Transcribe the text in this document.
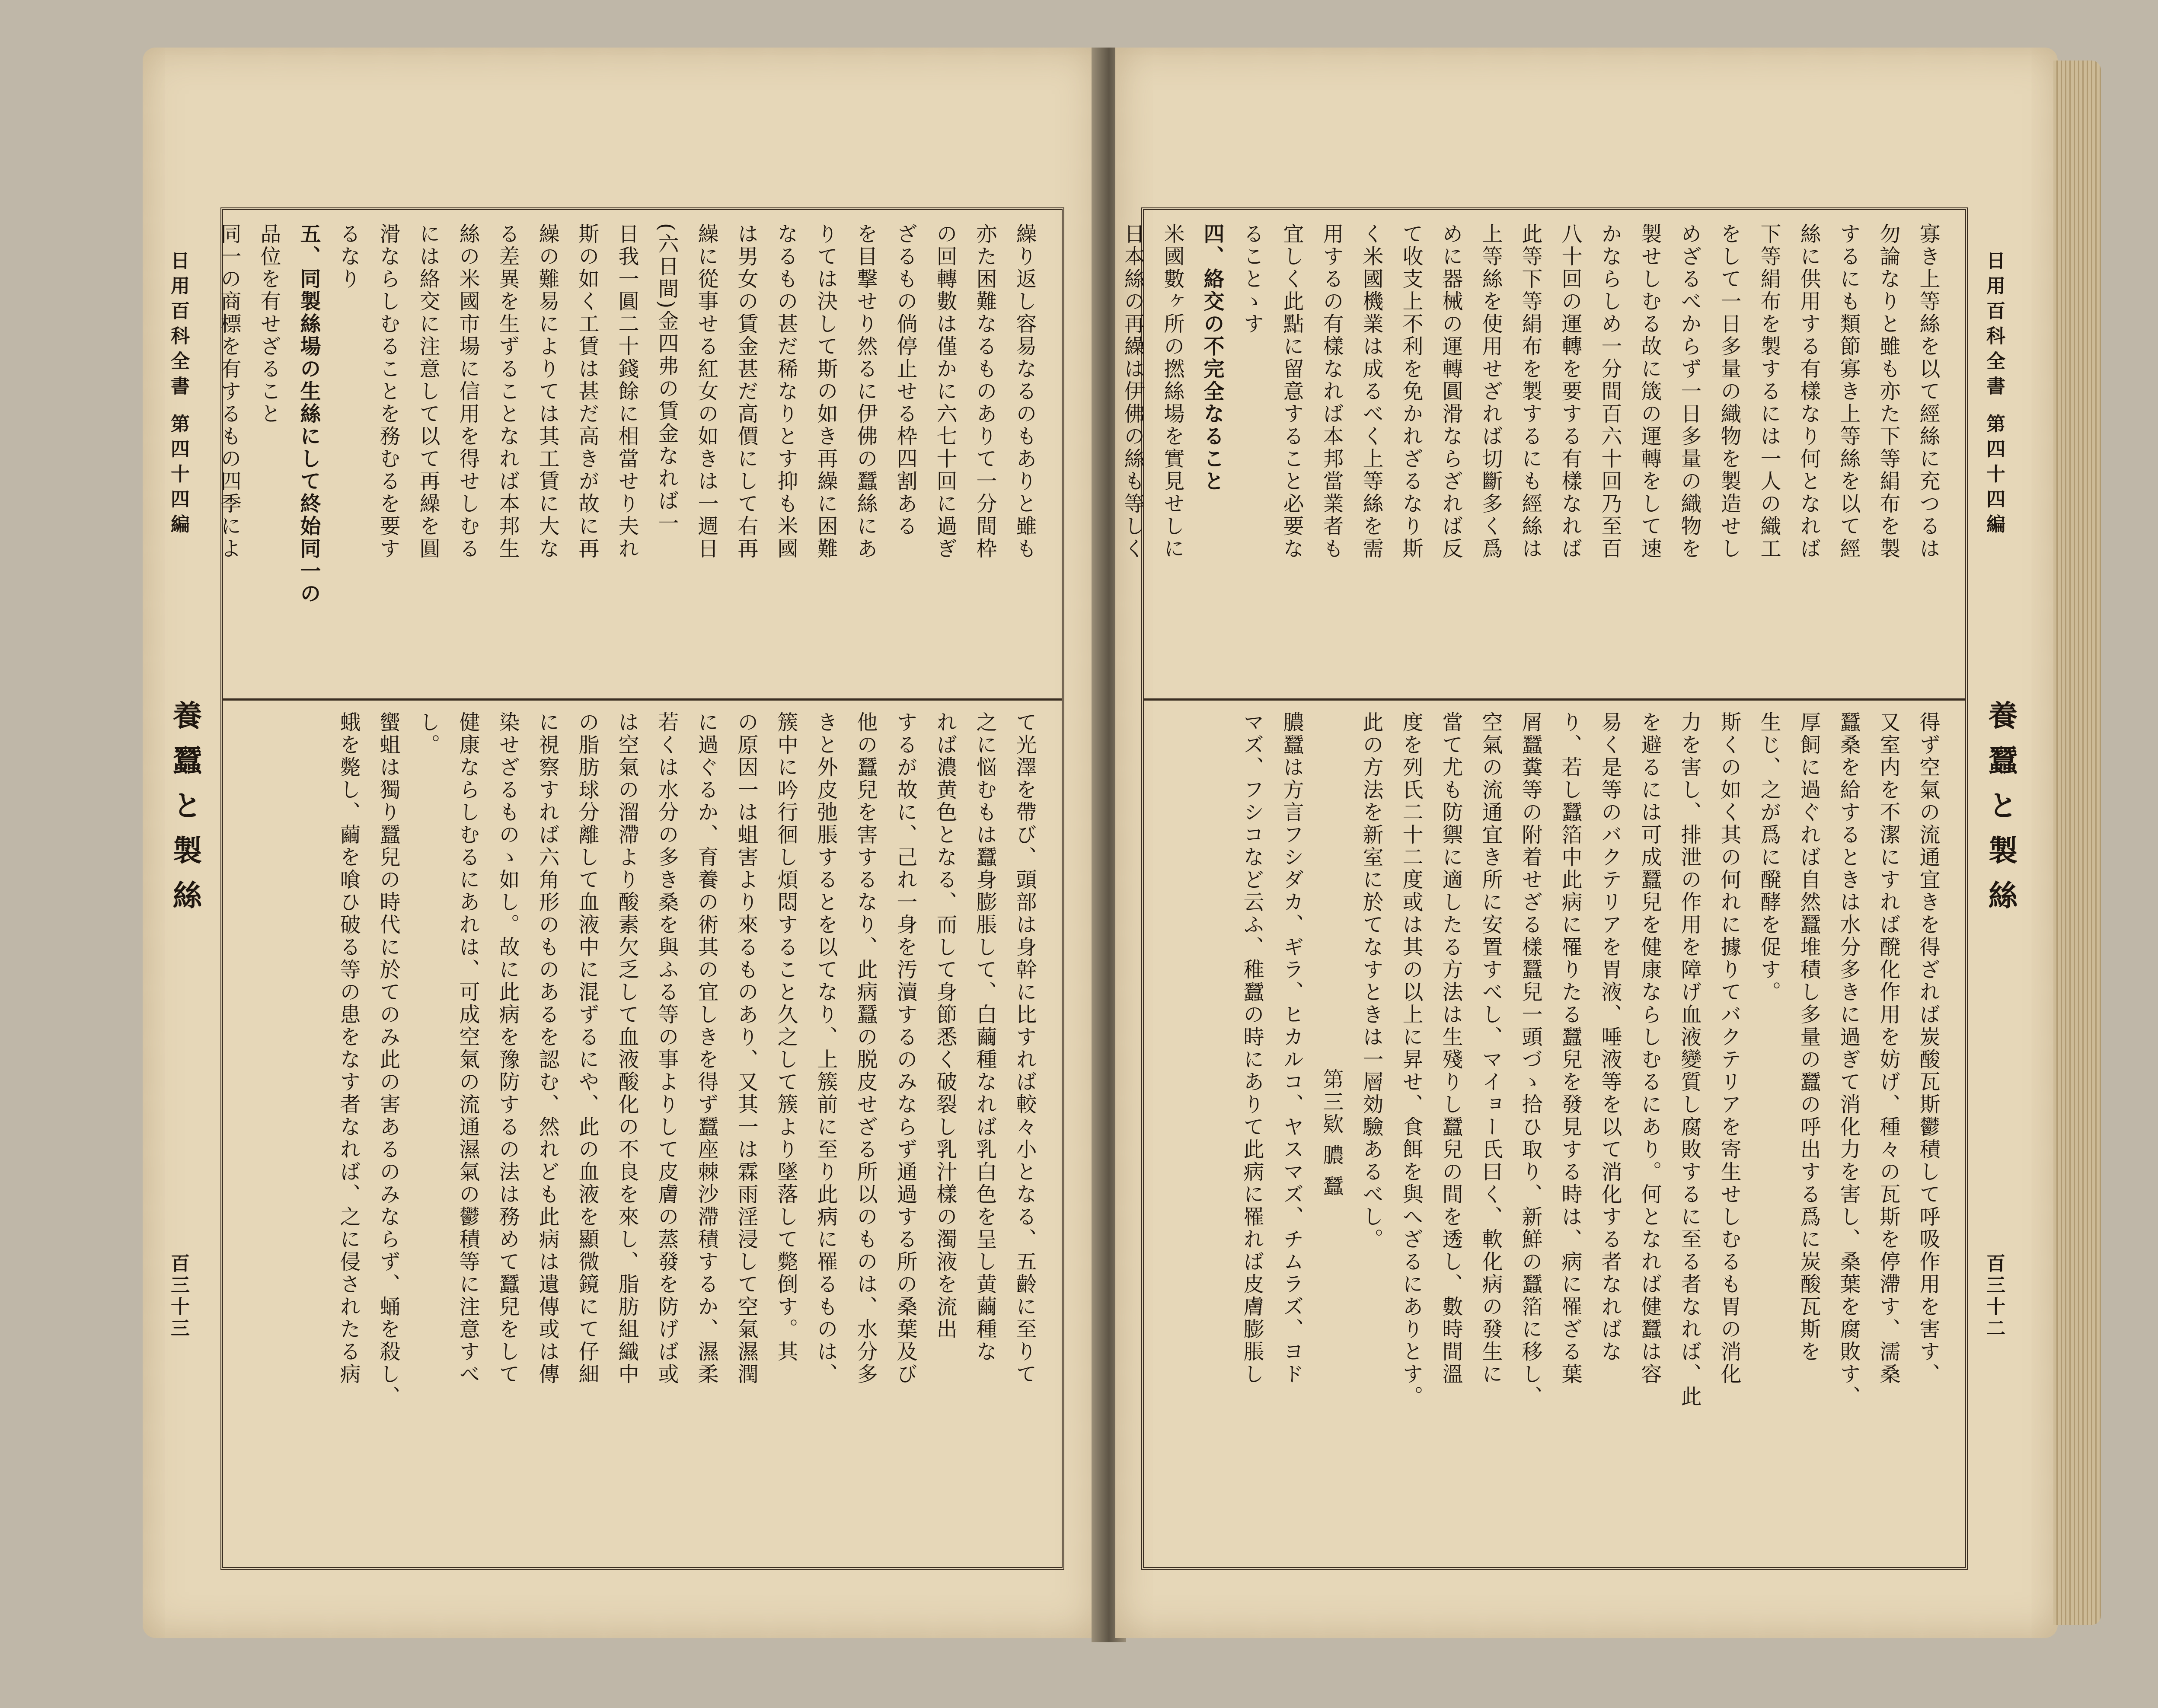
日用百科全書 第四十四編
養蠶と製絲
百三十三

繰り返し容易なるのもありと雖も

亦た困難なるものありて一分間枠

の回轉數は僅かに六七十回に過ぎ

ざるもの倘停止せる枠四割ある

を目撃せり然るに伊佛の蠶絲にあ

りては決して斯の如き再繰に困難

なるもの甚だ稀なりとす抑も米國

は男女の賃金甚だ高價にして右再

繰に從事せる紅女の如きは一週日

(六日間)金四弗の賃金なれば一

日我一圓二十錢餘に相當せり夫れ

斯の如く工賃は甚だ高きが故に再

繰の難易によりては其工賃に大な

る差異を生ずることなれば本邦生

絲の米國市場に信用を得せしむる

には絡交に注意して以て再繰を圓

滑ならしむることを務むるを要す

るなり

五、同製絲場の生絲にして終始同一の

品位を有せざること

同一の商標を有するもの四季によ

て光澤を帶び、頭部は身幹に比すれば較々小となる、五齡に至りて

之に悩むもは蠶身膨脹して、白繭種なれば乳白色を呈し黄繭種な

れば濃黄色となる、而して身節悉く破裂し乳汁樣の濁液を流出

するが故に、己れ一身を汚瀆するのみならず通過する所の桑葉及び

他の蠶兒を害するなり、此病蠶の脱皮せざる所以のものは、水分多

きと外皮弛脹するとを以てなり、上簇前に至り此病に罹るものは、

簇中に吟行徊し煩悶すること久之して簇より墜落して斃倒す。其

の原因一は蛆害より來るものあり、又其一は霖雨淫浸して空氣濕潤

に過ぐるか、育養の術其の宜しきを得ず蠶座棘沙滯積するか、濕柔

若くは水分の多き桑を與ふる等の事よりして皮膚の蒸發を防げば或

は空氣の溜滯より酸素欠乏して血液酸化の不良を來し、脂肪組織中

の脂肪球分離して血液中に混ずるにや、此の血液を顯微鏡にて仔細

に視察すれば六角形のものあるを認む、然れども此病は遺傳或は傳

染せざるものゝ如し。故に此病を豫防するの法は務めて蠶兒をして

健康ならしむるにあれは、可成空氣の流通濕氣の鬱積等に注意すべ

し。

蠁蛆は獨り蠶兒の時代に於てのみ此の害あるのみならず、蛹を殺し、

蛾を斃し、繭を喰ひ破る等の患をなす者なれば、之に侵されたる病

寡き上等絲を以て經絲に充つるは

勿論なりと雖も亦た下等絹布を製

するにも類節寡き上等絲を以て經

絲に供用する有樣なり何となれば

下等絹布を製するには一人の織工

をして一日多量の織物を製造せし

めざるべからず一日多量の織物を

製せしむる故に筬の運轉をして速

かならしめ一分間百六十回乃至百

八十回の運轉を要する有樣なれば

此等下等絹布を製するにも經絲は

上等絲を使用せざれば切斷多く爲

めに器械の運轉圓滑ならざれば反

て收支上不利を免かれざるなり斯

く米國機業は成るべく上等絲を需

用するの有樣なれば本邦當業者も

宜しく此點に留意すること必要な

ることゝす

四、絡交の不完全なること

米國數ヶ所の撚絲場を實見せしに

日本絲の再繰は伊佛の絲も等しく

得ず空氣の流通宜きを得ざれば炭酸瓦斯鬱積して呼吸作用を害す、

又室内を不潔にすれば醗化作用を妨げ、種々の瓦斯を停滯す、濡桑

蠶桑を給するときは水分多きに過ぎて消化力を害し、桑葉を腐敗す、

厚飼に過ぐれば自然蠶堆積し多量の蠶の呼出する爲に炭酸瓦斯を

生じ、之が爲に醗酵を促す。

斯くの如く其の何れに據りてバクテリアを寄生せしむるも胃の消化

力を害し、排泄の作用を障げ血液變質し腐敗するに至る者なれば、此

を避るには可成蠶兒を健康ならしむるにあり。何となれば健蠶は容

易く是等のバクテリアを胃液、唾液等を以て消化する者なればな

り、若し蠶箔中此病に罹りたる蠶兒を發見する時は、病に罹ざる葉

屑蠶糞等の附着せざる樣蠶兒一頭づゝ拾ひ取り、新鮮の蠶箔に移し、

空氣の流通宜き所に安置すべし、マイョー氏曰く、軟化病の發生に

當て尤も防禦に適したる方法は生殘りし蠶兒の間を透し、數時間溫

度を列氏二十二度或は其の以上に昇せ、食餌を與へざるにありとす。

此の方法を新室に於てなすときは一層効驗あるべし。

第三欵 膿 蠶

膿蠶は方言フシダカ、ギラ、ヒカルコ、ヤスマズ、チムラズ、ヨド

マズ、フシコなど云ふ、稚蠶の時にありて此病に罹れば皮膚膨脹し

日用百科全書 第四十四編
養蠶と製絲
百三十二
